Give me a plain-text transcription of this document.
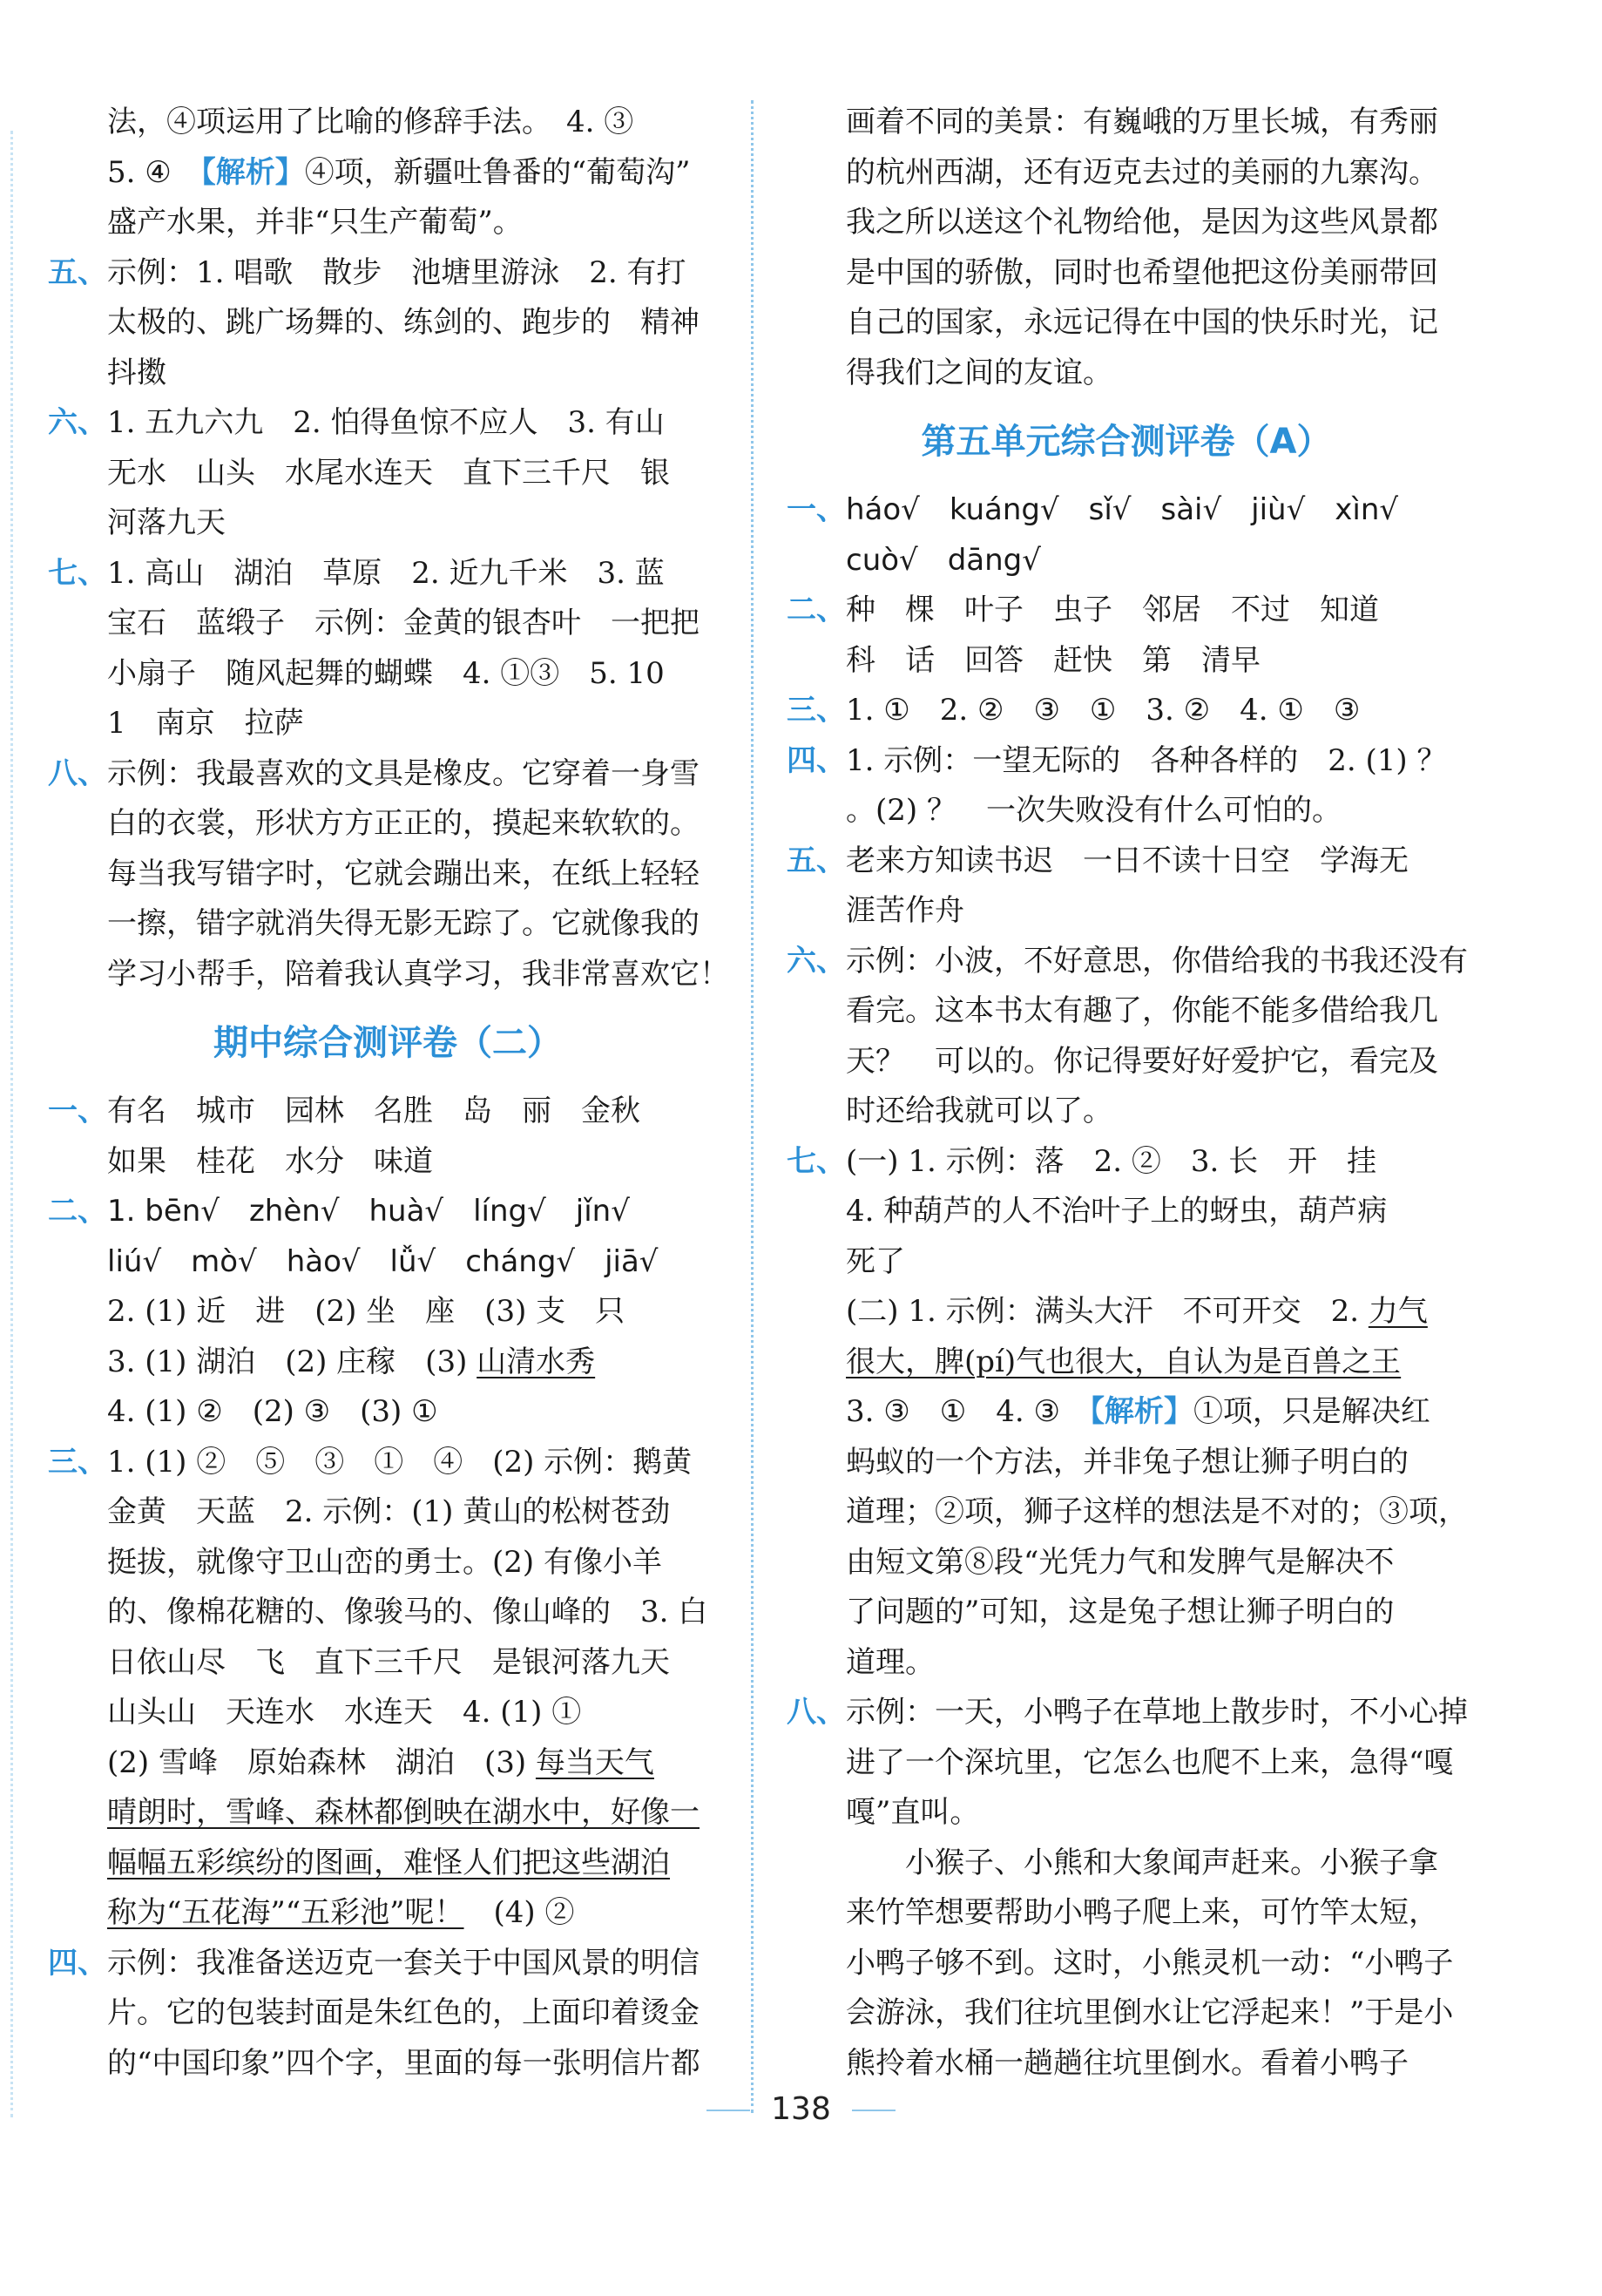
法，④项运用了比喻的修辞手法。　4. ③
5. ④　【解析】④项，新疆吐鲁番的“葡萄沟”
盛产水果，并非“只生产葡萄”。
五、示例：1. 唱歌　散步　池塘里游泳　2. 有打
太极的、跳广场舞的、练剑的、跑步的　精神
抖擞
六、1. 五九六九　2. 怕得鱼惊不应人　3. 有山
无水　山头　水尾水连天　直下三千尺　银
河落九天
七、1. 高山　湖泊　草原　2. 近九千米　3. 蓝
宝石　蓝缎子　示例：金黄的银杏叶　一把把
小扇子　随风起舞的蝴蝶　4. ①③　5. 10
1　南京　拉萨
八、示例：我最喜欢的文具是橡皮。它穿着一身雪
白的衣裳，形状方方正正的，摸起来软软的。
每当我写错字时，它就会蹦出来，在纸上轻轻
一擦，错字就消失得无影无踪了。它就像我的
学习小帮手，陪着我认真学习，我非常喜欢它！
期中综合测评卷（二）
一、有名　城市　园林　名胜　岛　丽　金秋
如果　桂花　水分　味道
二、1. bēn√　zhèn√　huà√　líng√　jǐn√
liú√　mò√　hào√　lǚ√　cháng√　jiā√
2. (1) 近　进　(2) 坐　座　(3) 支　只
3. (1) 湖泊　(2) 庄稼　(3) 山清水秀
4. (1) ②　(2) ③　(3) ①
三、1. (1) ②　⑤　③　①　④　(2) 示例：鹅黄
金黄　天蓝　2. 示例：(1) 黄山的松树苍劲
挺拔，就像守卫山峦的勇士。(2) 有像小羊
的、像棉花糖的、像骏马的、像山峰的　3. 白
日依山尽　飞　直下三千尺　是银河落九天
山头山　天连水　水连天　4. (1) ①
(2) 雪峰　原始森林　湖泊　(3) 每当天气
晴朗时，雪峰、森林都倒映在湖水中，好像一
幅幅五彩缤纷的图画，难怪人们把这些湖泊
称为“五花海”“五彩池”呢！　(4) ②
四、示例：我准备送迈克一套关于中国风景的明信
片。它的包装封面是朱红色的，上面印着烫金
的“中国印象”四个字，里面的每一张明信片都
画着不同的美景：有巍峨的万里长城，有秀丽
的杭州西湖，还有迈克去过的美丽的九寨沟。
我之所以送这个礼物给他，是因为这些风景都
是中国的骄傲，同时也希望他把这份美丽带回
自己的国家，永远记得在中国的快乐时光，记
得我们之间的友谊。
第五单元综合测评卷（A）
一、háo√　kuáng√　sǐ√　sài√　jiù√　xìn√
cuò√　dāng√
二、种　棵　叶子　虫子　邻居　不过　知道
科　话　回答　赶快　第　清早
三、1. ①　2. ②　③　①　3. ②　4. ①　③
四、1. 示例：一望无际的　各种各样的　2. (1) ？
。(2) ？　一次失败没有什么可怕的。
五、老来方知读书迟　一日不读十日空　学海无
涯苦作舟
六、示例：小波，不好意思，你借给我的书我还没有
看完。这本书太有趣了，你能不能多借给我几
天？　可以的。你记得要好好爱护它，看完及
时还给我就可以了。
七、(一) 1. 示例：落　2. ②　3. 长　开　挂
4. 种葫芦的人不治叶子上的蚜虫，葫芦病
死了
(二) 1. 示例：满头大汗　不可开交　2. 力气
很大，脾(pí)气也很大，自认为是百兽之王
3. ③　①　4. ③　【解析】①项，只是解决红
蚂蚁的一个方法，并非兔子想让狮子明白的
道理；②项，狮子这样的想法是不对的；③项，
由短文第⑧段“光凭力气和发脾气是解决不
了问题的”可知，这是兔子想让狮子明白的
道理。
八、示例：一天，小鸭子在草地上散步时，不小心掉
进了一个深坑里，它怎么也爬不上来，急得“嘎
嘎”直叫。
小猴子、小熊和大象闻声赶来。小猴子拿
来竹竿想要帮助小鸭子爬上来，可竹竿太短，
小鸭子够不到。这时，小熊灵机一动：“小鸭子
会游泳，我们往坑里倒水让它浮起来！”于是小
熊拎着水桶一趟趟往坑里倒水。看着小鸭子
138
